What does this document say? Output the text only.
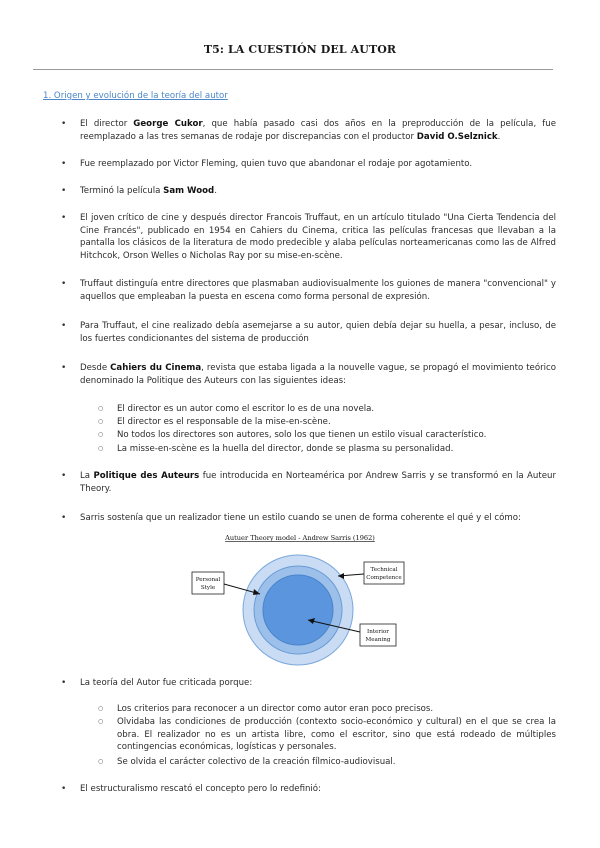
T5: LA CUESTIÓN DEL AUTOR
1. Origen y evolución de la teoría del autor
• El director George Cukor, que había pasado casi dos años en la preproducción de la película, fue reemplazado a las tres semanas de rodaje por discrepancias con el productor David O.Selznick.
• Fue reemplazado por Victor Fleming, quien tuvo que abandonar el rodaje por agotamiento.
• Terminó la película Sam Wood.
• El joven crítico de cine y después director Francois Truffaut, en un artículo titulado "Una Cierta Tendencia del Cine Francés", publicado en 1954 en Cahiers du Cinema, critica las películas francesas que llevaban a la pantalla los clásicos de la literatura de modo predecible y alaba películas norteamericanas como las de Alfred Hitchcok, Orson Welles o Nicholas Ray por su mise-en-scène.
• Truffaut distinguía entre directores que plasmaban audiovisualmente los guiones de manera "convencional" y aquellos que empleaban la puesta en escena como forma personal de expresión.
• Para Truffaut, el cine realizado debía asemejarse a su autor, quien debía dejar su huella, a pesar, incluso, de los fuertes condicionantes del sistema de producción
• Desde Cahiers du Cinema, revista que estaba ligada a la nouvelle vague, se propagó el movimiento teórico denominado la Politique des Auteurs con las siguientes ideas:
○ El director es un autor como el escritor lo es de una novela.
○ El director es el responsable de la mise-en-scène.
○ No todos los directores son autores, solo los que tienen un estilo visual característico.
○ La misse-en-scène es la huella del director, donde se plasma su personalidad.
• La Politique des Auteurs fue introducida en Norteamérica por Andrew Sarris y se transformó en la Auteur Theory.
• Sarris sostenía que un realizador tiene un estilo cuando se unen de forma coherente el qué y el cómo:
Autuer Theory model - Andrew Sarris (1962)
Personal
Style
Technical
Competence
Interior
Meaning
• La teoría del Autor fue criticada porque:
○ Los criterios para reconocer a un director como autor eran poco precisos.
○ Olvidaba las condiciones de producción (contexto socio-económico y cultural) en el que se crea la obra. El realizador no es un artista libre, como el escritor, sino que está rodeado de múltiples contingencias económicas, logísticas y personales.
○ Se olvida el carácter colectivo de la creación fílmico-audiovisual.
• El estructuralismo rescató el concepto pero lo redefinió:
